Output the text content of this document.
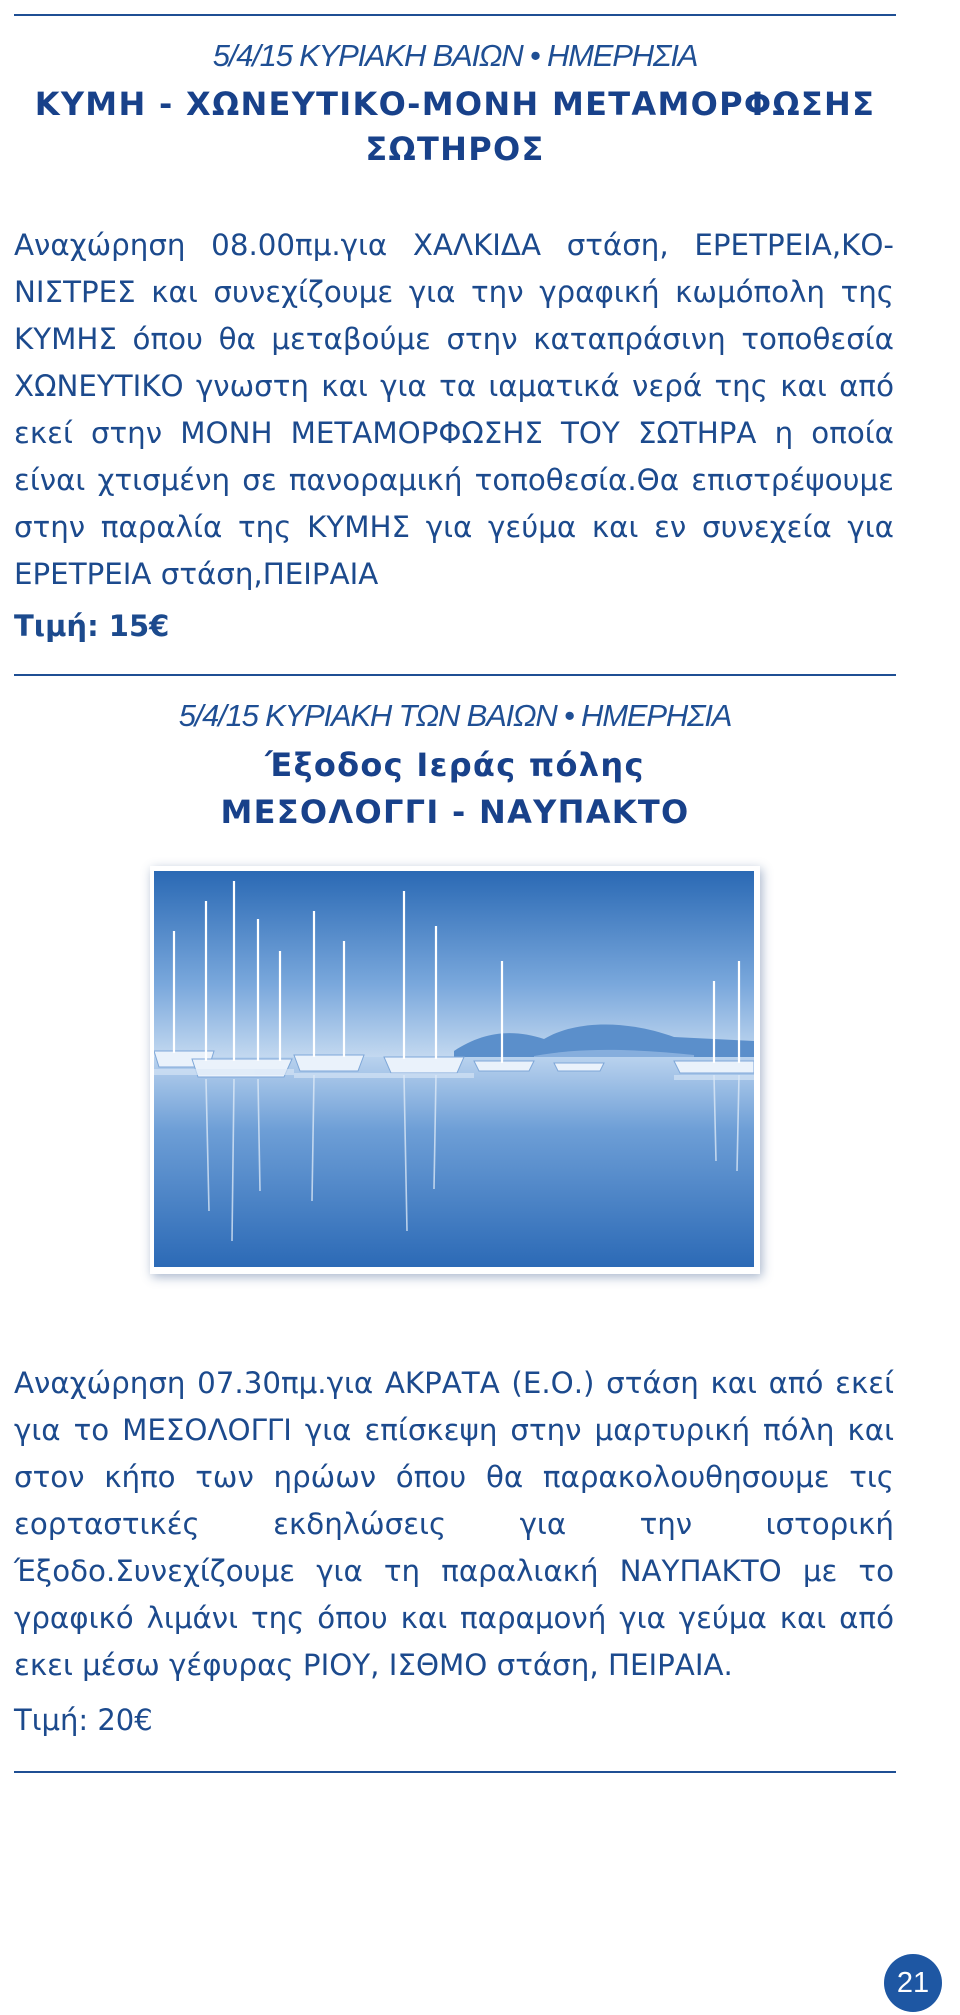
5/4/15 ΚΥΡΙΑΚΗ ΒΑΙΩΝ • ΗΜΕΡΗΣΙΑ
ΚΥΜΗ - ΧΩΝΕΥΤΙΚΟ-ΜΟΝΗ ΜΕΤΑΜΟΡΦΩΣΗΣ
ΣΩΤΗΡΟΣ

Αναχώρηση 08.00πμ.για ΧΑΛΚΙΔΑ στάση, ΕΡΕΤΡΕΙΑ,ΚΟΝΙΣΤΡΕΣ και συνεχίζουμε για την γραφική κωμόπολη της ΚΥΜΗΣ όπου θα μεταβούμε στην καταπράσινη τοποθεσία ΧΩΝΕΥΤΙΚΟ γνωστη και για τα ιαματικά νερά της και από εκεί στην ΜΟΝΗ ΜΕΤΑΜΟΡΦΩΣΗΣ ΤΟΥ ΣΩΤΗΡΑ η οποία είναι χτισμένη σε πανοραμική τοποθεσία.Θα επιστρέψουμε στην παραλία της ΚΥΜΗΣ για γεύμα και εν συνεχεία για ΕΡΕΤΡΕΙΑ στάση,ΠΕΙΡΑΙΑ

Τιμή: 15€
5/4/15 ΚΥΡΙΑΚΗ ΤΩΝ ΒΑΙΩΝ • ΗΜΕΡΗΣΙΑ
Έξοδος Ιεράς πόλης
ΜΕΣΟΛΟΓΓΙ - ΝΑΥΠΑΚΤΟ

Αναχώρηση 07.30πμ.για ΑΚΡΑΤΑ (Ε.Ο.) στάση και από εκεί για το ΜΕΣΟΛΟΓΓΙ για επίσκεψη στην μαρτυρική πόλη και στον κήπο των ηρώων όπου θα παρακολουθησουμε τις εορταστικές εκδηλώσεις για την ιστορική Έξοδο.Συνεχίζουμε για τη παραλιακή ΝΑΥΠΑΚΤΟ με το γραφικό λιμάνι της όπου και παραμονή για γεύμα και από εκει μέσω γέφυρας ΡΙΟΥ, ΙΣΘΜΟ στάση, ΠΕΙΡΑΙΑ.

Τιμή: 20€
21
